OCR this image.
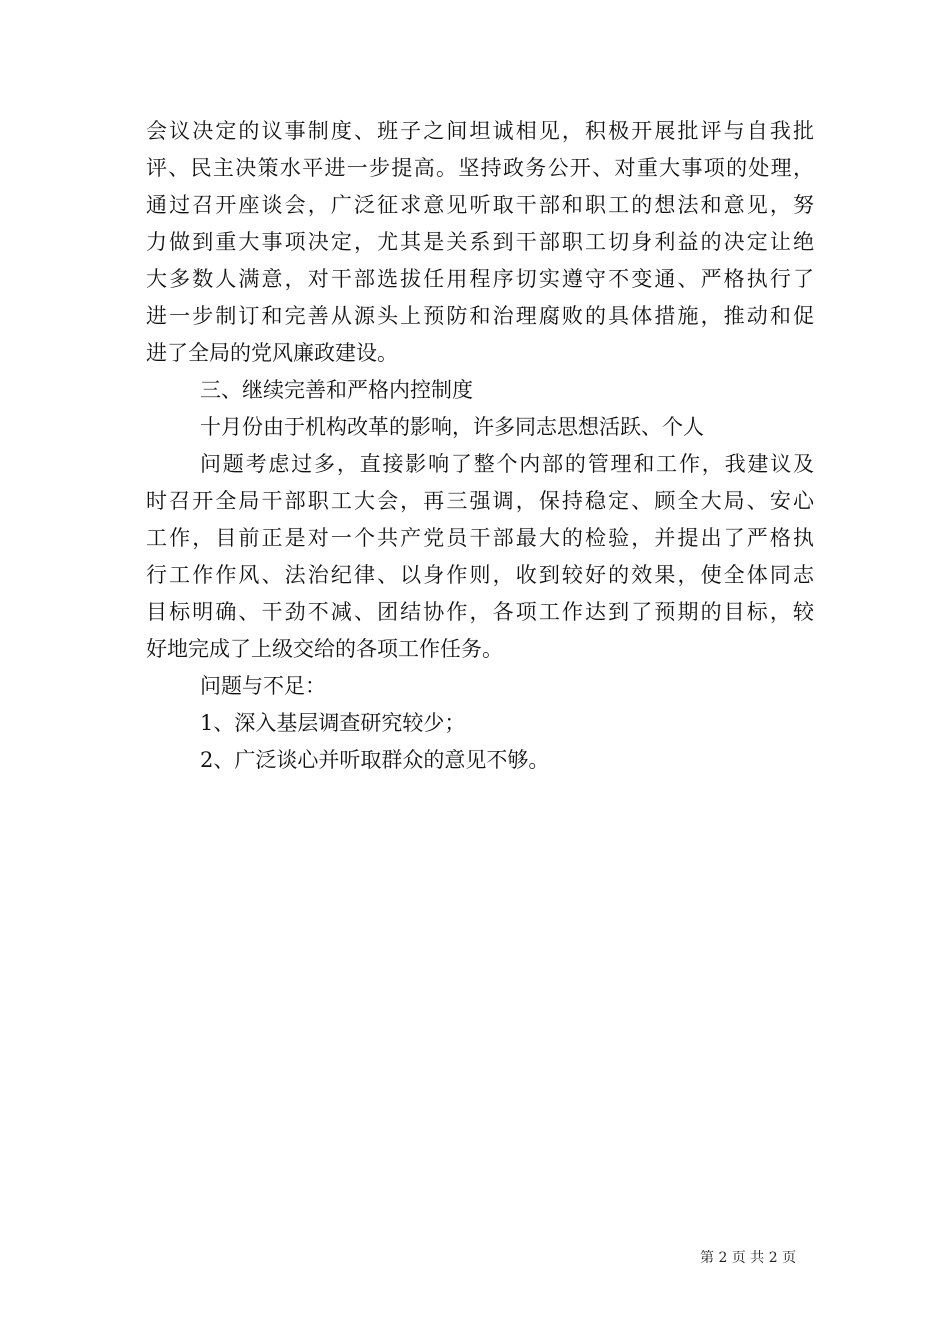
会议决定的议事制度、班子之间坦诚相见，积极开展批评与自我批
评、民主决策水平进一步提高。坚持政务公开、对重大事项的处理，
通过召开座谈会，广泛征求意见听取干部和职工的想法和意见，努
力做到重大事项决定，尤其是关系到干部职工切身利益的决定让绝
大多数人满意，对干部选拔任用程序切实遵守不变通、严格执行了
进一步制订和完善从源头上预防和治理腐败的具体措施，推动和促
进了全局的党风廉政建设。
三、继续完善和严格内控制度
十月份由于机构改革的影响，许多同志思想活跃、个人
问题考虑过多，直接影响了整个内部的管理和工作，我建议及
时召开全局干部职工大会，再三强调，保持稳定、顾全大局、安心
工作，目前正是对一个共产党员干部最大的检验，并提出了严格执
行工作作风、法治纪律、以身作则，收到较好的效果，使全体同志
目标明确、干劲不减、团结协作，各项工作达到了预期的目标，较
好地完成了上级交给的各项工作任务。
问题与不足：
1、深入基层调查研究较少；
2、广泛谈心并听取群众的意见不够。
第 2 页 共 2 页
